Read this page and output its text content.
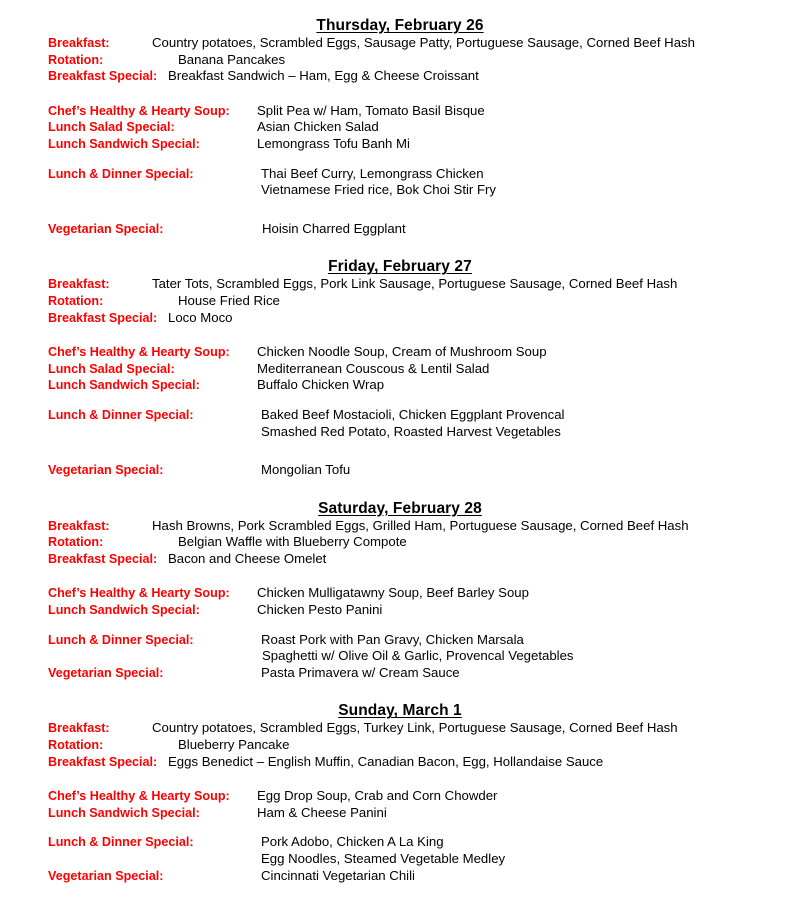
Thursday, February 26
Breakfast:	Country potatoes, Scrambled Eggs, Sausage Patty, Portuguese Sausage, Corned Beef Hash
Rotation:	Banana Pancakes
Breakfast Special: Breakfast Sandwich – Ham, Egg & Cheese Croissant
Chef’s Healthy & Hearty Soup:	Split Pea w/ Ham, Tomato Basil Bisque
Lunch Salad Special:	Asian Chicken Salad
Lunch Sandwich Special:	Lemongrass Tofu Banh Mi
Lunch & Dinner Special:	Thai Beef Curry, Lemongrass Chicken
Vietnamese Fried rice, Bok Choi Stir Fry
Vegetarian Special:	Hoisin Charred Eggplant
Friday, February 27
Breakfast:	Tater Tots, Scrambled Eggs, Pork Link Sausage, Portuguese Sausage, Corned Beef Hash
Rotation:	House Fried Rice
Breakfast Special: Loco Moco
Chef’s Healthy & Hearty Soup:	Chicken Noodle Soup, Cream of Mushroom Soup
Lunch Salad Special:	Mediterranean Couscous & Lentil Salad
Lunch Sandwich Special:	Buffalo Chicken Wrap
Lunch & Dinner Special:	Baked Beef Mostacioli, Chicken Eggplant Provencal
Smashed Red Potato, Roasted Harvest Vegetables
Vegetarian Special:	Mongolian Tofu
Saturday, February 28
Breakfast:	Hash Browns, Pork Scrambled Eggs, Grilled Ham, Portuguese Sausage, Corned Beef Hash
Rotation:	Belgian Waffle with Blueberry Compote
Breakfast Special: Bacon and Cheese Omelet
Chef’s Healthy & Hearty Soup:	Chicken Mulligatawny Soup, Beef Barley Soup
Lunch Sandwich Special:	Chicken Pesto Panini
Lunch & Dinner Special:	Roast Pork with Pan Gravy, Chicken Marsala
Spaghetti w/ Olive Oil & Garlic, Provencal Vegetables
Vegetarian Special:	Pasta Primavera w/ Cream Sauce
Sunday, March 1
Breakfast:	Country potatoes, Scrambled Eggs, Turkey Link, Portuguese Sausage, Corned Beef Hash
Rotation:	Blueberry Pancake
Breakfast Special: Eggs Benedict – English Muffin, Canadian Bacon, Egg, Hollandaise Sauce
Chef’s Healthy & Hearty Soup:	Egg Drop Soup, Crab and Corn Chowder
Lunch Sandwich Special:	Ham & Cheese Panini
Lunch & Dinner Special:	Pork Adobo, Chicken A La King
Egg Noodles, Steamed Vegetable Medley
Vegetarian Special:	Cincinnati Vegetarian Chili
